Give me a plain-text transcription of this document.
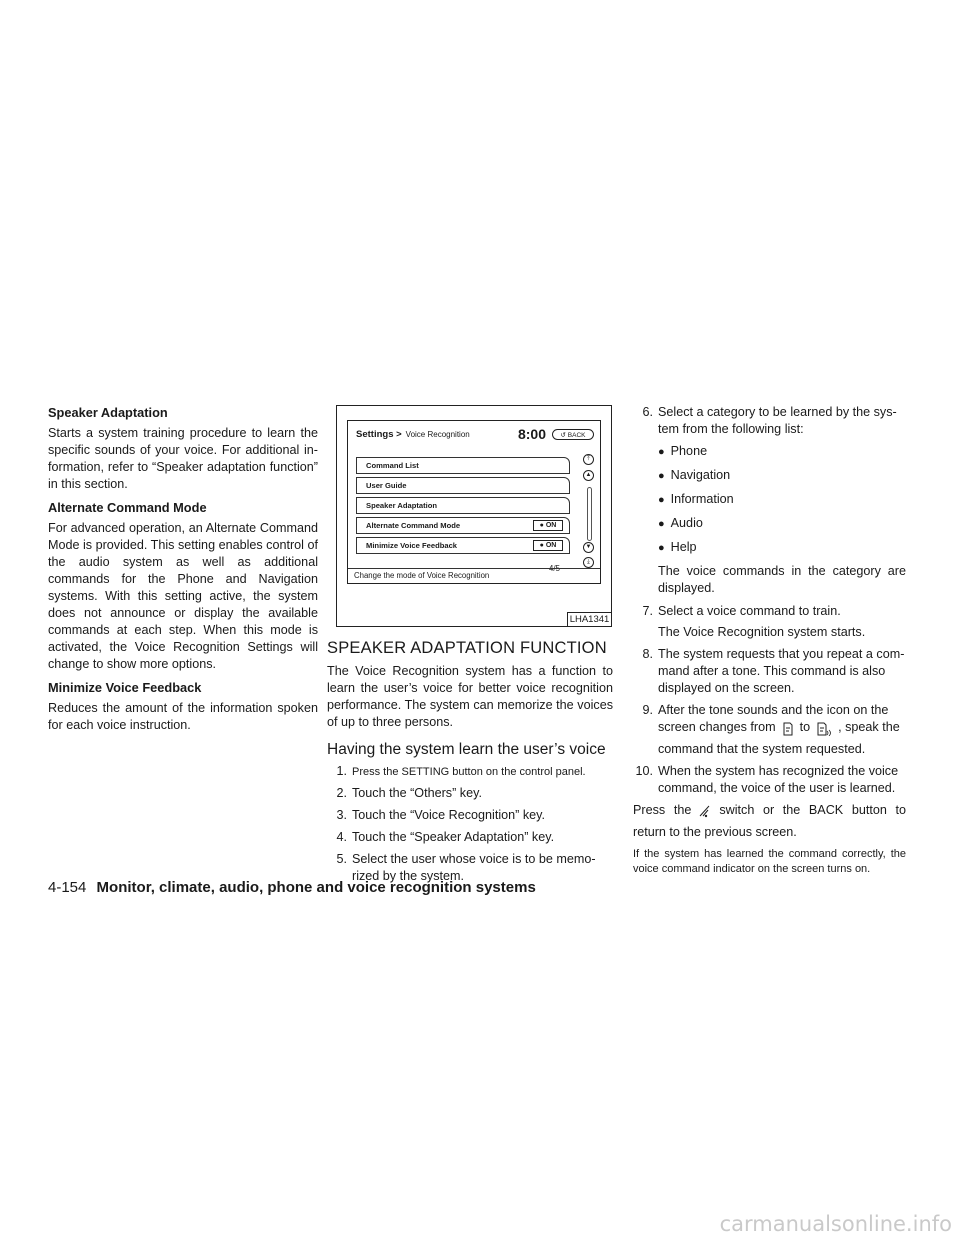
Speaker Adaptation

Starts a system training procedure to learn the specific sounds of your voice. For additional information, refer to “Speaker adaptation function” in this section.

Alternate Command Mode

For advanced operation, an Alternate Command Mode is provided. This setting enables control of the audio system as well as additional commands for the Phone and Navigation systems. With this setting active, the system does not announce or display the available commands at each step. When this mode is activated, the Voice Recognition Settings will change to show more options.

Minimize Voice Feedback

Reduces the amount of the information spoken for each voice instruction.

Settings > Voice Recognition	8:00	↺ BACK
Command List
User Guide
Speaker Adaptation
Alternate Command Mode	● ON
Minimize Voice Feedback	● ON
⤒
▲
▼
⤓
4/5
Change the mode of Voice Recognition
LHA1341
SPEAKER ADAPTATION FUNCTION

The Voice Recognition system has a function to learn the user’s voice for better voice recognition performance. The system can memorize the voices of up to three persons.

Having the system learn the user’s voice
1. Press the SETTING button on the control panel.
2. Touch the “Others” key.
3. Touch the “Voice Recognition” key.
4. Touch the “Speaker Adaptation” key.
5. Select the user whose voice is to be memorized by the system.
6. Select a category to be learned by the system from the following list:
● Phone
● Navigation
● Information
● Audio
● Help

The voice commands in the category are displayed.

7. Select a voice command to train.
The Voice Recognition system starts.
8. The system requests that you repeat a command after a tone. This command is also displayed on the screen.
9. After the tone sounds and the icon on the screen changes from to , speak the command that the system requested.
10. When the system has recognized the voice command, the voice of the user is learned.

Press the switch or the BACK button to return to the previous screen.

If the system has learned the command correctly, the voice command indicator on the screen turns on.

4-154 Monitor, climate, audio, phone and voice recognition systems
carmanualsonline.info
